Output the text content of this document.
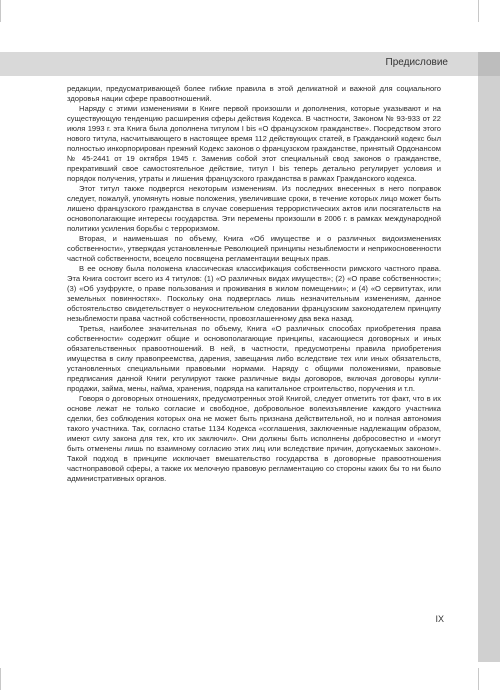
Предисловие

редакции, предусматривающей более гибкие правила в этой деликатной и важной для социального здоровья нации сфере правоотношений.

Наряду с этими изменениями в Книге первой произошли и дополнения, которые указывают и на существующую тенденцию расширения сферы действия Кодекса. В частности, Законом № 93-933 от 22 июля 1993 г. эта Книга была дополнена титулом I bis «О французском гражданстве». Посредством этого нового титула, насчитывающего в настоящее время 112 действующих статей, в Гражданский кодекс был полностью инкорпорирован прежний Кодекс законов о французском гражданстве, принятый Ордонансом № 45-2441 от 19 октября 1945 г. Заменив собой этот специальный свод законов о гражданстве, прекративший свое самостоятельное действие, титул I bis теперь детально регулирует условия и порядок получения, утраты и лишения французского гражданства в рамках Гражданского кодекса.

Этот титул также подвергся некоторым изменениям. Из последних внесенных в него поправок следует, пожалуй, упомянуть новые положения, увеличившие сроки, в течение которых лицо может быть лишено французского гражданства в случае совершения террористических актов или посягательств на основополагающие интересы государства. Эти перемены произошли в 2006 г. в рамках международной политики усиления борьбы с терроризмом.

Вторая, и наименьшая по объему, Книга «Об имуществе и о различных видоизменениях собственности», утверждая установленные Революцией принципы незыблемости и неприкосновенности частной собственности, всецело посвящена регламентации вещных прав.

В ее основу была положена классическая классификация собственности римского частного права. Эта Книга состоит всего из 4 титулов: (1) «О различных видах имуществ»; (2) «О праве собственности»; (3) «Об узуфрукте, о праве пользования и проживания в жилом помещении»; и (4) «О сервитутах, или земельных повинностях». Поскольку она подверглась лишь незначительным изменениям, данное обстоятельство свидетельствует о неукоснительном следовании французским законодателем принципу незыблемости права частной собственности, провозглашенному два века назад.

Третья, наиболее значительная по объему, Книга «О различных способах приобретения права собственности» содержит общие и основополагающие принципы, касающиеся договорных и иных обязательственных правоотношений. В ней, в частности, предусмотрены правила приобретения имущества в силу правопреемства, дарения, завещания либо вследствие тех или иных обязательств, установленных специальными правовыми нормами. Наряду с общими положениями, правовые предписания данной Книги регулируют также различные виды договоров, включая договоры купли-продажи, займа, мены, найма, хранения, подряда на капитальное строительство, поручения и т.п.

Говоря о договорных отношениях, предусмотренных этой Книгой, следует отметить тот факт, что в их основе лежат не только согласие и свободное, добровольное волеизъявление каждого участника сделки, без соблюдения которых она не может быть признана действительной, но и полная автономия такого участника. Так, согласно статье 1134 Кодекса «соглашения, заключенные надлежащим образом, имеют силу закона для тех, кто их заключил». Они должны быть исполнены добросовестно и «могут быть отменены лишь по взаимному согласию этих лиц или вследствие причин, допускаемых законом». Такой подход в принципе исключает вмешательство государства в договорные правоотношения частноправовой сферы, а также их мелочную правовую регламентацию со стороны каких бы то ни было административных органов.

IX
